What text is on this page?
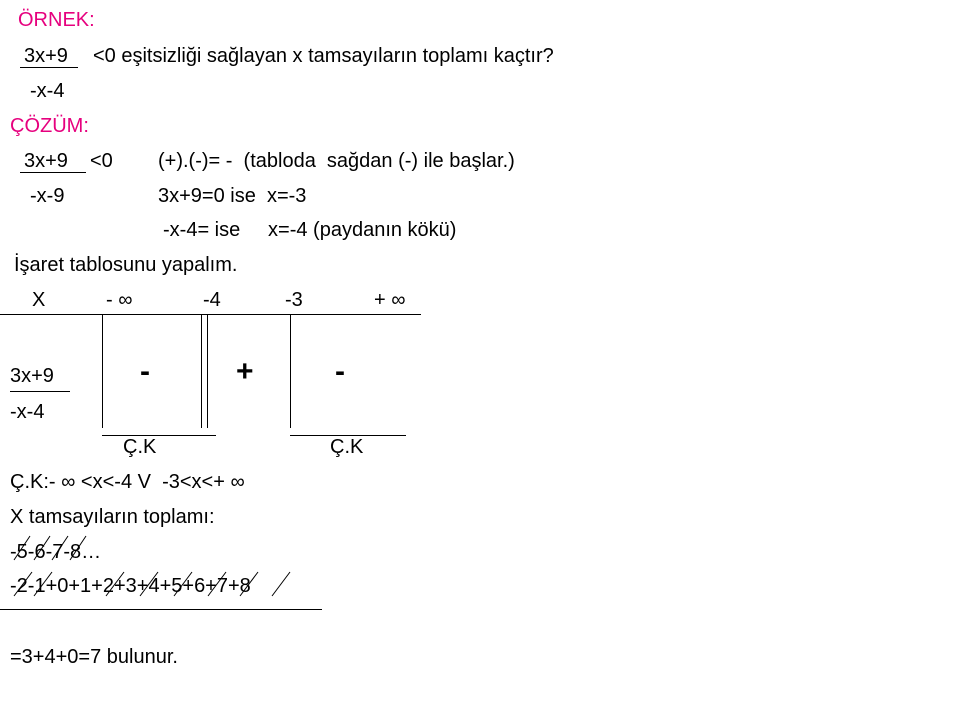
ÖRNEK:
3x+9 <0 eşitsizliği sağlayan x tamsayıların toplamı kaçtır?
-x-4
ÇÖZÜM:
3x+9 <0 (+).(-)= -  (tabloda  sağdan (-) ile başlar.)
-x-9	3x+9=0 ise  x=-3
-x-4= ise     x=-4 (paydanın kökü)
İşaret tablosunu yapalım.
X	- ∞	-4	-3	+ ∞
3x+9
-x-4
-	+	-
Ç.K	Ç.K
Ç.K:- ∞ <x<-4 V  -3<x<+ ∞
X tamsayıların toplamı:
-5-6-7-8…
-2-1+0+1+2+3+4+5+6+7+8
=3+4+0=7 bulunur.
